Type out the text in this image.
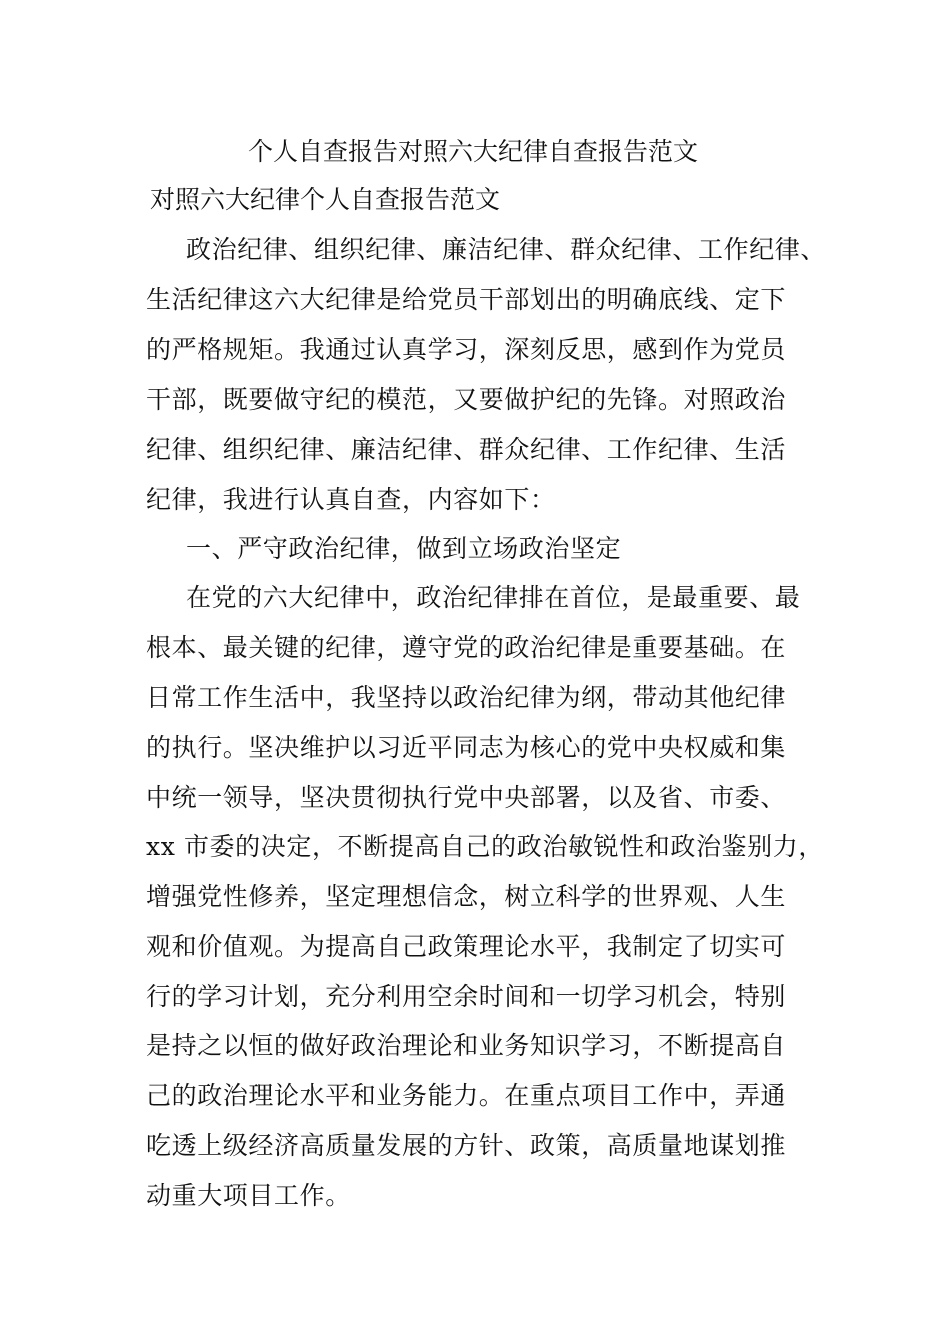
个人自查报告对照六大纪律自查报告范文
对照六大纪律个人自查报告范文
政治纪律、组织纪律、廉洁纪律、群众纪律、工作纪律、
生活纪律这六大纪律是给党员干部划出的明确底线、定下
的严格规矩。我通过认真学习，深刻反思，感到作为党员
干部，既要做守纪的模范，又要做护纪的先锋。对照政治
纪律、组织纪律、廉洁纪律、群众纪律、工作纪律、生活
纪律，我进行认真自查，内容如下：
一、严守政治纪律，做到立场政治坚定
在党的六大纪律中，政治纪律排在首位，是最重要、最
根本、最关键的纪律，遵守党的政治纪律是重要基础。在
日常工作生活中，我坚持以政治纪律为纲，带动其他纪律
的执行。坚决维护以习近平同志为核心的党中央权威和集
中统一领导，坚决贯彻执行党中央部署，以及省、市委、
xx 市委的决定，不断提高自己的政治敏锐性和政治鉴别力，
增强党性修养，坚定理想信念，树立科学的世界观、人生
观和价值观。为提高自己政策理论水平，我制定了切实可
行的学习计划，充分利用空余时间和一切学习机会，特别
是持之以恒的做好政治理论和业务知识学习，不断提高自
己的政治理论水平和业务能力。在重点项目工作中，弄通
吃透上级经济高质量发展的方针、政策，高质量地谋划推
动重大项目工作。
